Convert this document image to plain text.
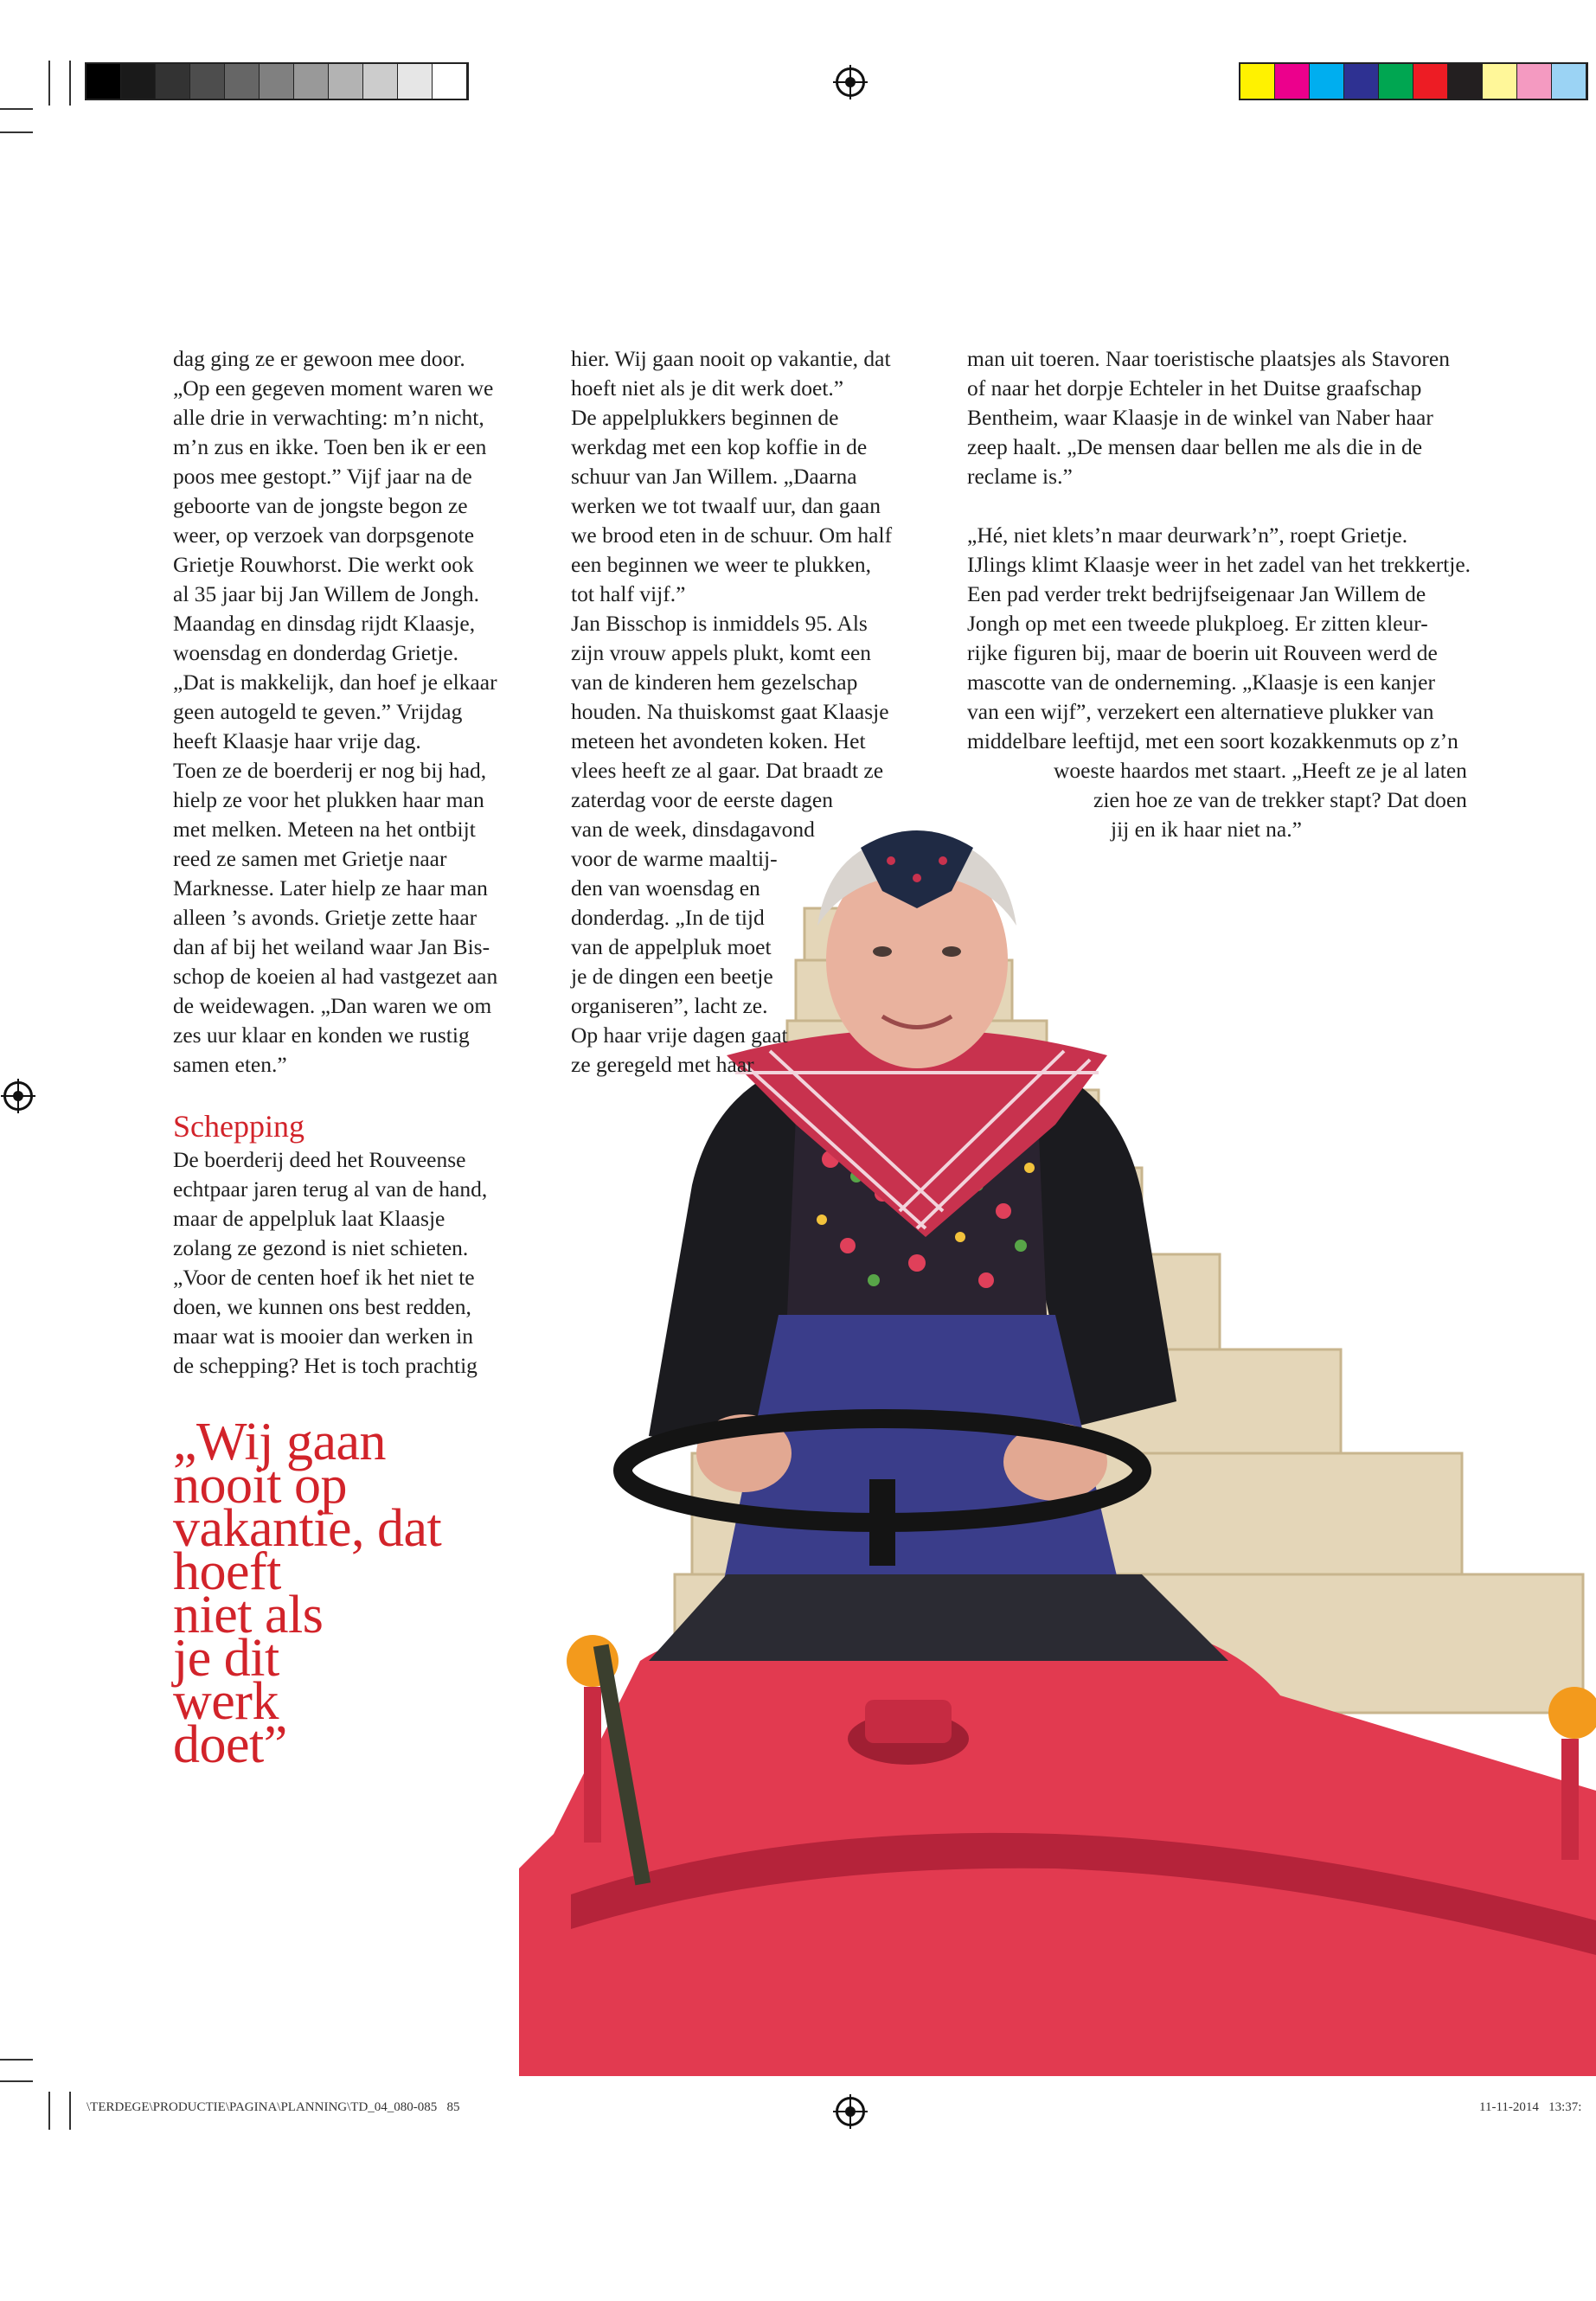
dag ging ze er gewoon mee door.

„Op een gegeven moment waren we

alle drie in verwachting: m’n nicht,

m’n zus en ikke. Toen ben ik er een

poos mee gestopt.” Vijf jaar na de

geboorte van de jongste begon ze

weer, op verzoek van dorpsgenote

Grietje Rouwhorst. Die werkt ook

al 35 jaar bij Jan Willem de Jongh.

Maandag en dinsdag rijdt Klaasje,

woensdag en donderdag Grietje.

„Dat is makkelijk, dan hoef je elkaar

geen autogeld te geven.” Vrijdag

heeft Klaasje haar vrije dag.

Toen ze de boerderij er nog bij had,

hielp ze voor het plukken haar man

met melken. Meteen na het ontbijt

reed ze samen met Grietje naar

Marknesse. Later hielp ze haar man

alleen ’s avonds. Grietje zette haar

dan af bij het weiland waar Jan Bis-

schop de koeien al had vastgezet aan

de weidewagen. „Dan waren we om

zes uur klaar en konden we rustig

samen eten.”

Schepping

De boerderij deed het Rouveense

echtpaar jaren terug al van de hand,

maar de appelpluk laat Klaasje

zolang ze gezond is niet schieten.

„Voor de centen hoef ik het niet te

doen, we kunnen ons best redden,

maar wat is mooier dan werken in

de schepping? Het is toch prachtig

hier. Wij gaan nooit op vakantie, dat

hoeft niet als je dit werk doet.”

De appelplukkers beginnen de

werkdag met een kop koffie in de

schuur van Jan Willem. „Daarna

werken we tot twaalf uur, dan gaan

we brood eten in de schuur. Om half

een beginnen we weer te plukken,

tot half vijf.”

Jan Bisschop is inmiddels 95. Als

zijn vrouw appels plukt, komt een

van de kinderen hem gezelschap

houden. Na thuiskomst gaat Klaasje

meteen het avondeten koken. Het

vlees heeft ze al gaar. Dat braadt ze

zaterdag voor de eerste dagen

van de week, dinsdagavond

voor de warme maaltij-

den van woensdag en

donderdag. „In de tijd

van de appelpluk moet

je de dingen een beetje

organiseren”, lacht ze.

Op haar vrije dagen gaat

ze geregeld met haar

man uit toeren. Naar toeristische plaatsjes als Stavoren

of naar het dorpje Echteler in het Duitse graafschap

Bentheim, waar Klaasje in de winkel van Naber haar

zeep haalt. „De mensen daar bellen me als die in de

reclame is.”

„Hé, niet klets’n maar deurwark’n”, roept Grietje.

IJlings klimt Klaasje weer in het zadel van het trekkertje.

Een pad verder trekt bedrijfseigenaar Jan Willem de

Jongh op met een tweede plukploeg. Er zitten kleur-

rijke figuren bij, maar de boerin uit Rouveen werd de

mascotte van de onderneming. „Klaasje is een kanjer

van een wijf”, verzekert een alternatieve plukker van

middelbare leeftijd, met een soort kozakkenmuts op z’n

woeste haardos met staart. „Heeft ze je al laten

zien hoe ze van de trekker stapt? Dat doen

jij en ik haar niet na.”

„Wij gaan

nooit op

vakantie, dat

hoeft

niet als

je dit

werk

doet”

\TERDEGE\PRODUCTIE\PAGINA\PLANNING\TD_04_080-085   85	11-11-2014   13:37:
